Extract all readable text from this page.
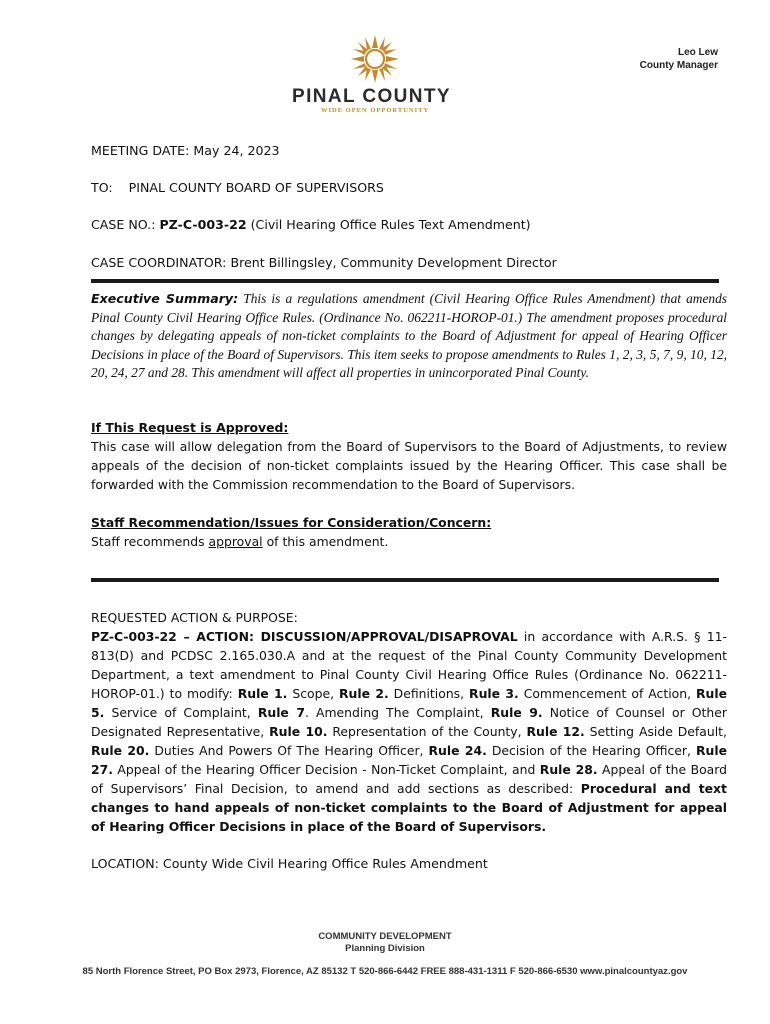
Leo Lew
County Manager
PINAL COUNTY
WIDE OPEN OPPORTUNITY
MEETING DATE: May 24, 2023
TO: PINAL COUNTY BOARD OF SUPERVISORS
CASE NO.: PZ-C-003-22 (Civil Hearing Office Rules Text Amendment)
CASE COORDINATOR: Brent Billingsley, Community Development Director
Executive Summary: This is a regulations amendment (Civil Hearing Office Rules Amendment) that amends Pinal County Civil Hearing Office Rules. (Ordinance No. 062211-HOROP-01.) The amendment proposes procedural changes by delegating appeals of non-ticket complaints to the Board of Adjustment for appeal of Hearing Officer Decisions in place of the Board of Supervisors. This item seeks to propose amendments to Rules 1, 2, 3, 5, 7, 9, 10, 12, 20, 24, 27 and 28. This amendment will affect all properties in unincorporated Pinal County.
If This Request is Approved:
This case will allow delegation from the Board of Supervisors to the Board of Adjustments, to review appeals of the decision of non-ticket complaints issued by the Hearing Officer. This case shall be forwarded with the Commission recommendation to the Board of Supervisors.
Staff Recommendation/Issues for Consideration/Concern:
Staff recommends approval of this amendment.
REQUESTED ACTION & PURPOSE:
PZ-C-003-22 – ACTION: DISCUSSION/APPROVAL/DISAPROVAL in accordance with A.R.S. § 11-813(D) and PCDSC 2.165.030.A and at the request of the Pinal County Community Development Department, a text amendment to Pinal County Civil Hearing Office Rules (Ordinance No. 062211-HOROP-01.) to modify: Rule 1. Scope, Rule 2. Definitions, Rule 3. Commencement of Action, Rule 5. Service of Complaint, Rule 7. Amending The Complaint, Rule 9. Notice of Counsel or Other Designated Representative, Rule 10. Representation of the County, Rule 12. Setting Aside Default, Rule 20. Duties And Powers Of The Hearing Officer, Rule 24. Decision of the Hearing Officer, Rule 27. Appeal of the Hearing Officer Decision - Non-Ticket Complaint, and Rule 28. Appeal of the Board of Supervisors’ Final Decision, to amend and add sections as described: Procedural and text changes to hand appeals of non-ticket complaints to the Board of Adjustment for appeal of Hearing Officer Decisions in place of the Board of Supervisors.
LOCATION: County Wide Civil Hearing Office Rules Amendment
COMMUNITY DEVELOPMENT
Planning Division
85 North Florence Street, PO Box 2973, Florence, AZ 85132 T 520-866-6442 FREE 888-431-1311 F 520-866-6530 www.pinalcountyaz.gov
